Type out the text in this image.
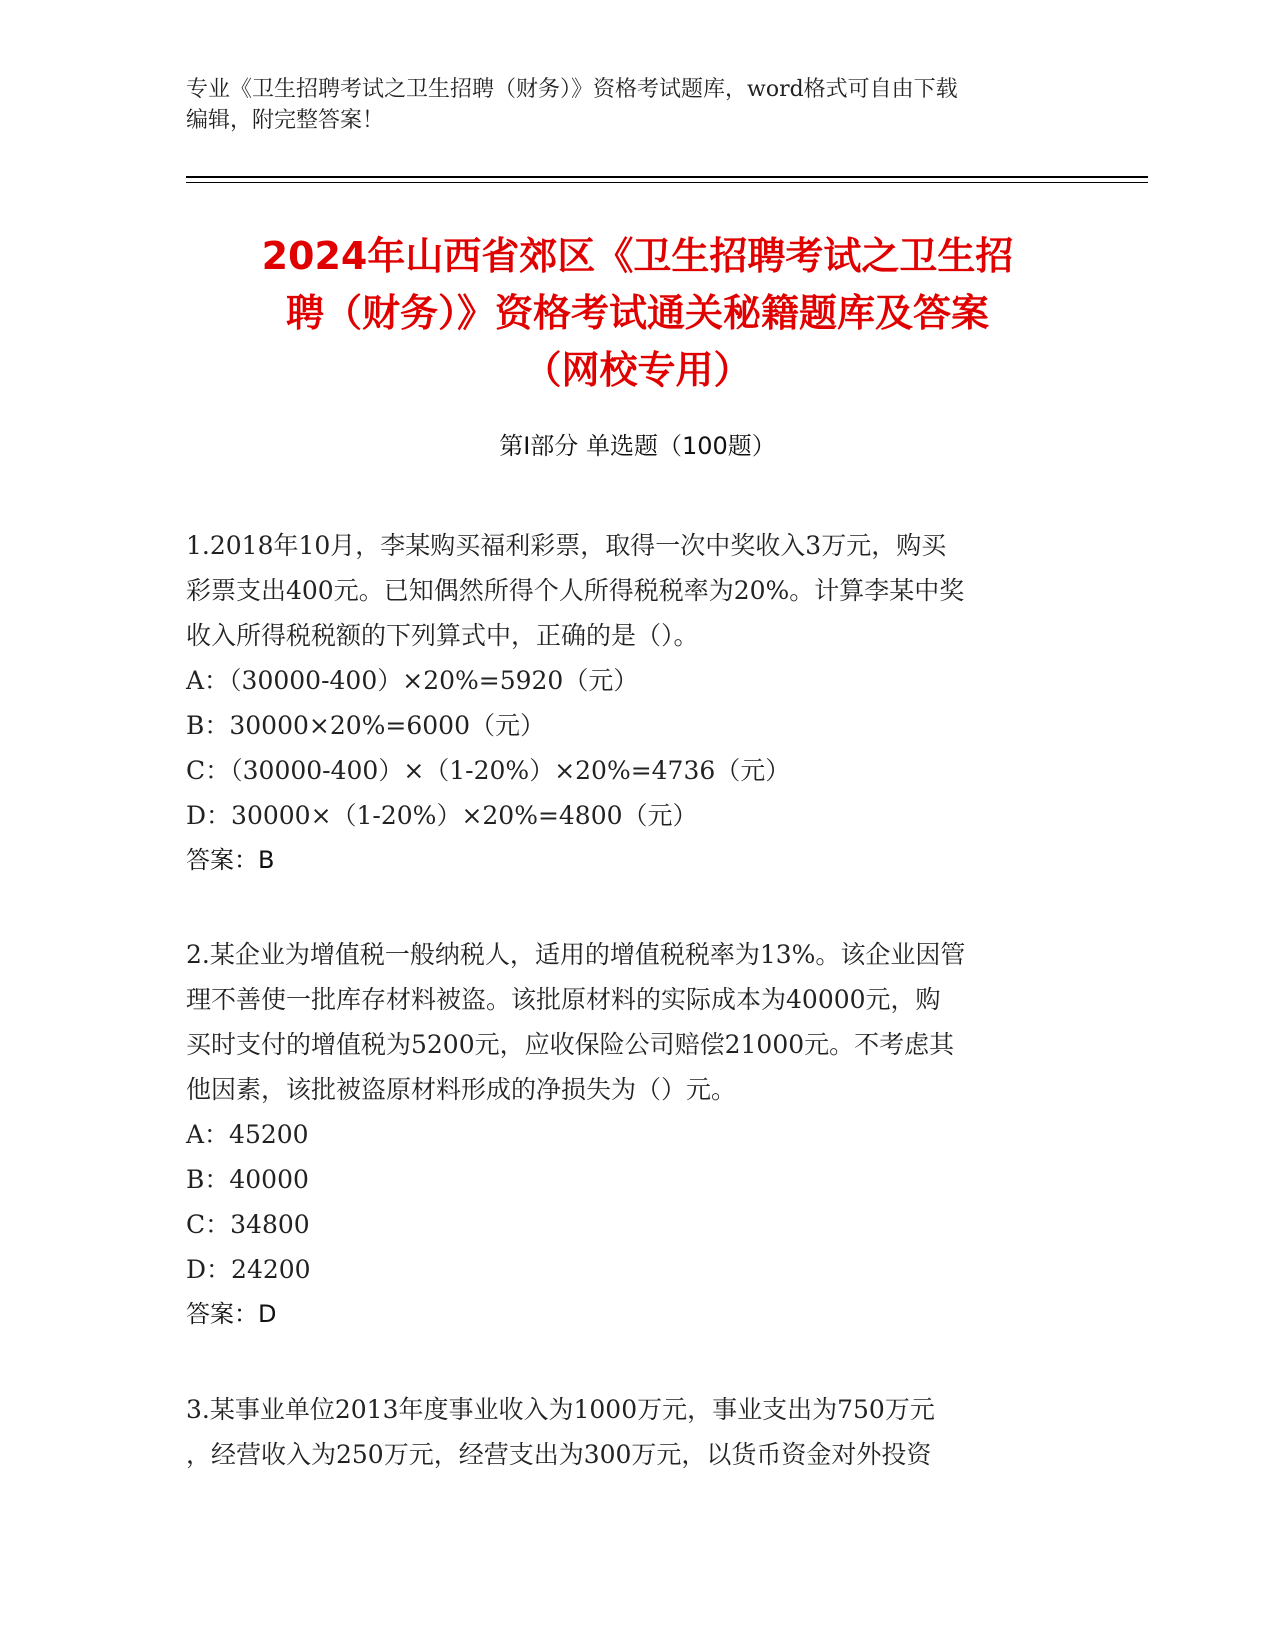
专业《卫生招聘考试之卫生招聘（财务）》资格考试题库，word格式可自由下载
编辑，附完整答案！
2024年山西省郊区《卫生招聘考试之卫生招
聘（财务）》资格考试通关秘籍题库及答案
（网校专用）
第Ⅰ部分 单选题（100题）
1.2018年10月，李某购买福利彩票，取得一次中奖收入3万元，购买
彩票支出400元。已知偶然所得个人所得税税率为20%。计算李某中奖
收入所得税税额的下列算式中，正确的是（）。
A：（30000-400）×20%=5920（元）
B：30000×20%=6000（元）
C：（30000-400）×（1-20%）×20%=4736（元）
D：30000×（1-20%）×20%=4800（元）
答案：B
2.某企业为增值税一般纳税人，适用的增值税税率为13%。该企业因管
理不善使一批库存材料被盗。该批原材料的实际成本为40000元，购
买时支付的增值税为5200元，应收保险公司赔偿21000元。不考虑其
他因素，该批被盗原材料形成的净损失为（）元。
A：45200
B：40000
C：34800
D：24200
答案：D
3.某事业单位2013年度事业收入为1000万元，事业支出为750万元
，经营收入为250万元，经营支出为300万元，以货币资金对外投资
